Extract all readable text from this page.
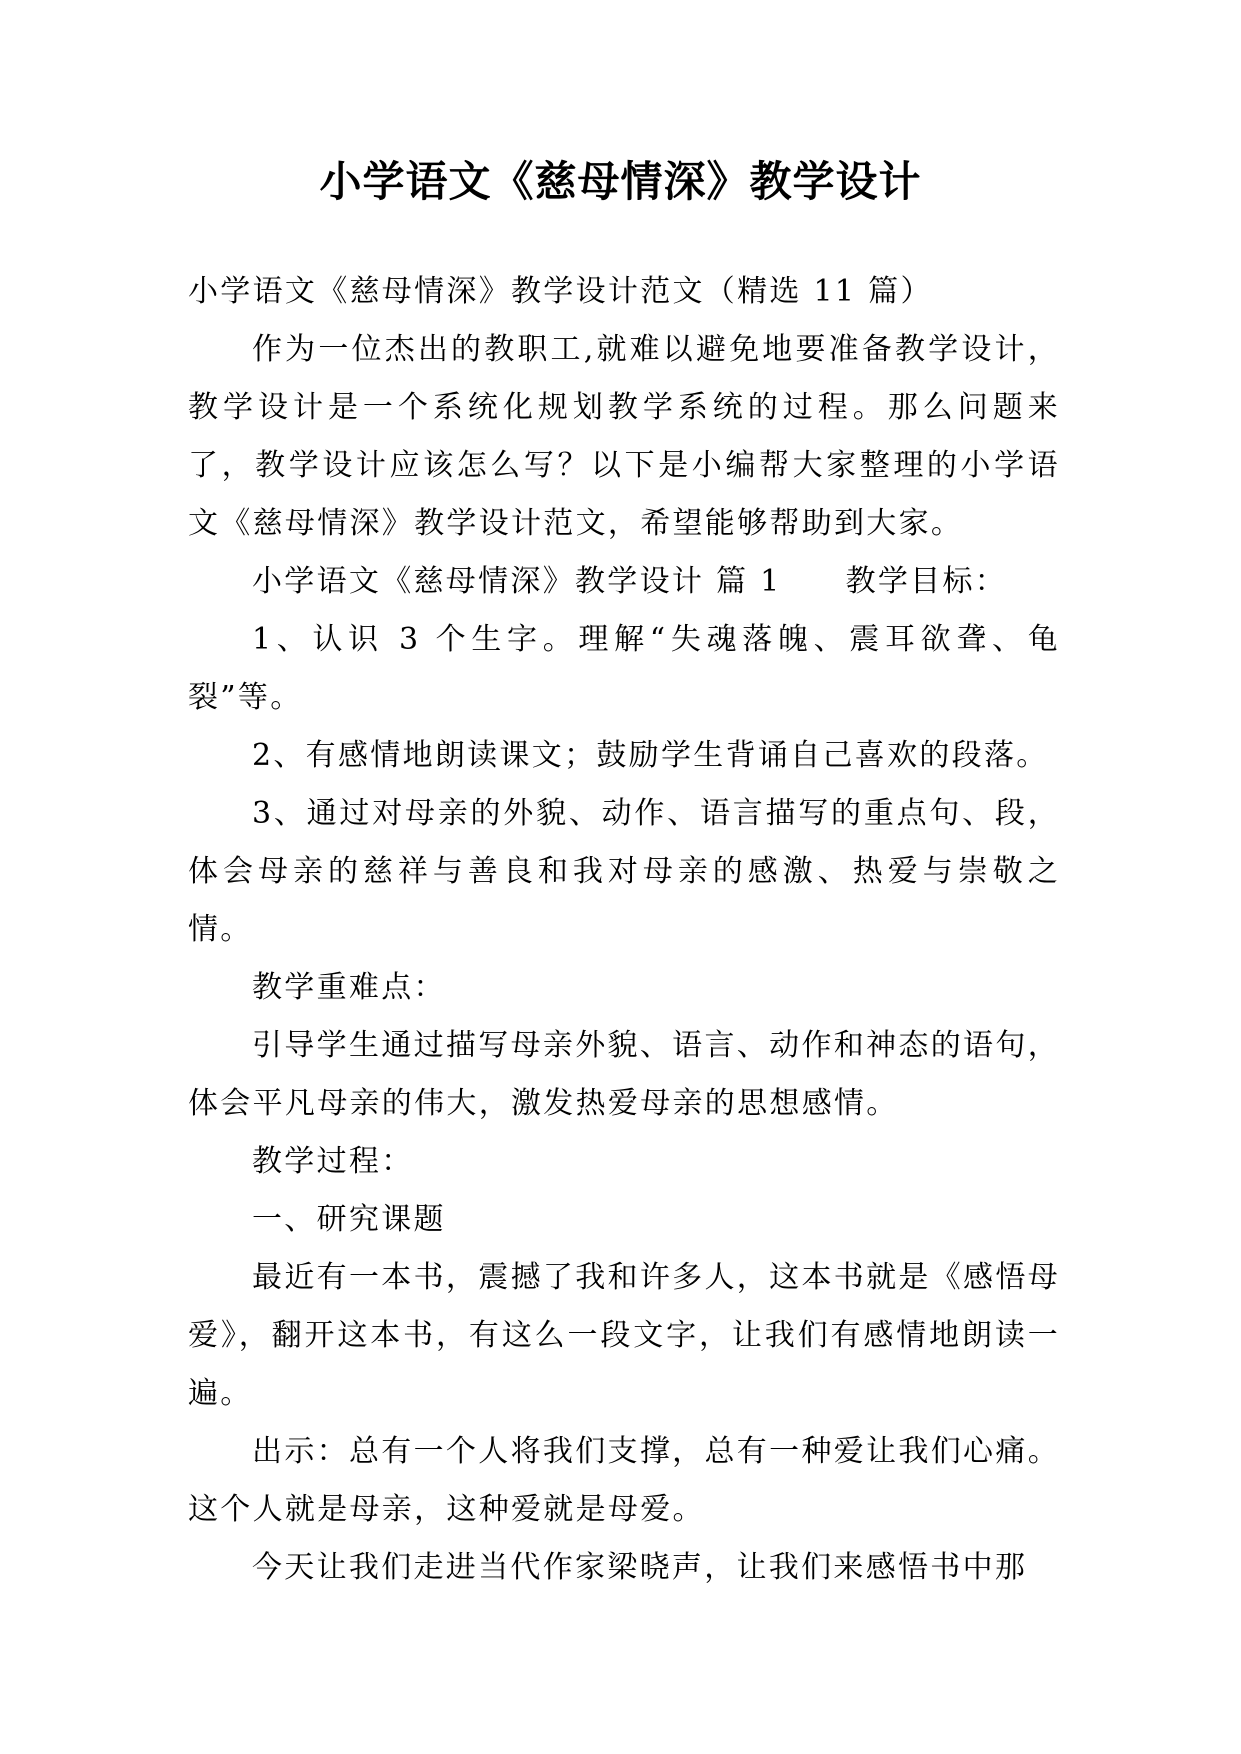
小学语文《慈母情深》教学设计

小学语文《慈母情深》教学设计范文（精选 11 篇）

作为一位杰出的教职工,就难以避免地要准备教学设计，教学设计是一个系统化规划教学系统的过程。那么问题来了，教学设计应该怎么写？以下是小编帮大家整理的小学语文《慈母情深》教学设计范文，希望能够帮助到大家。

小学语文《慈母情深》教学设计 篇 1 教学目标：

1、认识 3 个生字。理解“失魂落魄、震耳欲聋、龟裂”等。

2、有感情地朗读课文；鼓励学生背诵自己喜欢的段落。

3、通过对母亲的外貌、动作、语言描写的重点句、段，体会母亲的慈祥与善良和我对母亲的感激、热爱与崇敬之情。

教学重难点：

引导学生通过描写母亲外貌、语言、动作和神态的语句，体会平凡母亲的伟大，激发热爱母亲的思想感情。

教学过程：

一、研究课题

最近有一本书，震撼了我和许多人，这本书就是《感悟母爱》，翻开这本书，有这么一段文字，让我们有感情地朗读一遍。

出示：总有一个人将我们支撑，总有一种爱让我们心痛。这个人就是母亲，这种爱就是母爱。

今天让我们走进当代作家梁晓声，让我们来感悟书中那
